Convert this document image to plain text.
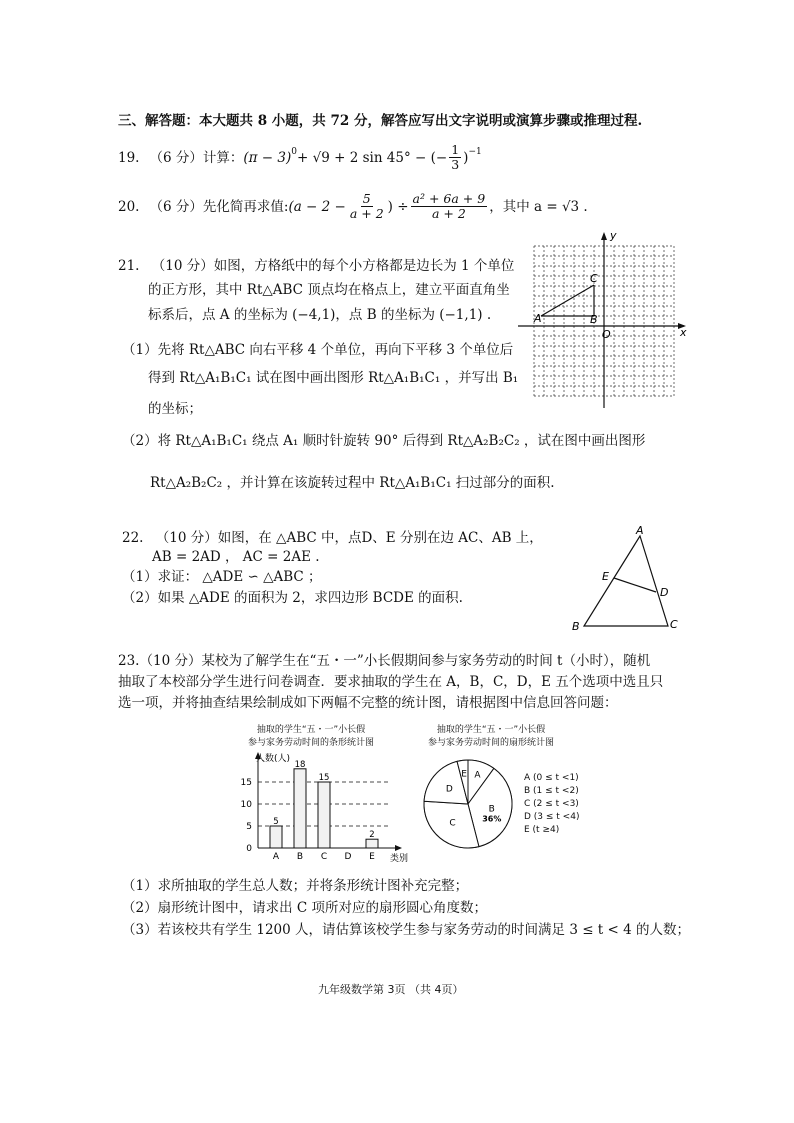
三、解答题：本大题共 8 小题，共 72 分，解答应写出文字说明或演算步骤或推理过程.
19. （6 分） 计算： $(\pi - 3)^0 + √9 + 2$ sin 45° − (− $\frac{1}{3} )^{-1}$
20. （6 分） 先化简再求值: ($a - 2 - \frac{5}{a + 2}$ ) ÷ $\frac{\text{a² + 6a + 9}}{a + 2}$ ，其中 a = √3 .
21. （10 分）如图，方格纸中的每个小方格都是边长为 1 个单位
的正方形，其中 Rt△ABC 顶点均在格点上，建立平面直角坐
标系后，点 A 的坐标为 (−4,1)，点 B 的坐标为 (−1,1) .
（1）先将 Rt△ABC 向右平移 4 个单位，再向下平移 3 个单位后
得到 Rt△A₁B₁C₁ 试在图中画出图形 Rt△A₁B₁C₁ ，并写出 B₁
的坐标；
（2）将 Rt△A₁B₁C₁ 绕点 A₁ 顺时针旋转 90° 后得到 Rt△A₂B₂C₂ ，试在图中画出图形
Rt△A₂B₂C₂ ，并计算在该旋转过程中 Rt△A₁B₁C₁ 扫过部分的面积.
y
x
O
A	B
C
22. （10 分）如图，在 △ABC 中，点D、E 分别在边 AC、AB 上，
AB = 2AD ， AC = 2AE .
（1）求证： △ADE ∽ △ABC ；
（2）如果 △ADE 的面积为 2，求四边形 BCDE 的面积.
A
B	C
D
E
23.（10 分）某校为了解学生在“五・一”小长假期间参与家务劳动的时间 t（小时），随机
抽取了本校部分学生进行问卷调查．要求抽取的学生在 A，B，C，D，E 五个选项中选且只
选一项，并将抽查结果绘制成如下两幅不完整的统计图，请根据图中信息回答问题：
抽取的学生“五・一”小长假
参与家务劳动时间的条形统计图
人数(人)
类别
0
5
10
15
A
5
B
18
C
15
D E
2
抽取的学生“五・一”小长假
参与家务劳动时间的扇形统计图
A
B
36%
C
D
E	A (0 ≤ t <1)
B (1 ≤ t <2)
C (2 ≤ t <3)
D (3 ≤ t <4)
E (t ≥4)
（1）求所抽取的学生总人数；并将条形统计图补充完整；
（2）扇形统计图中，请求出 C 项所对应的扇形圆心角度数；
（3）若该校共有学生 1200 人，请估算该校学生参与家务劳动的时间满足 3 ≤ t < 4 的人数；
九年级数学第 3页 （共 4页）
